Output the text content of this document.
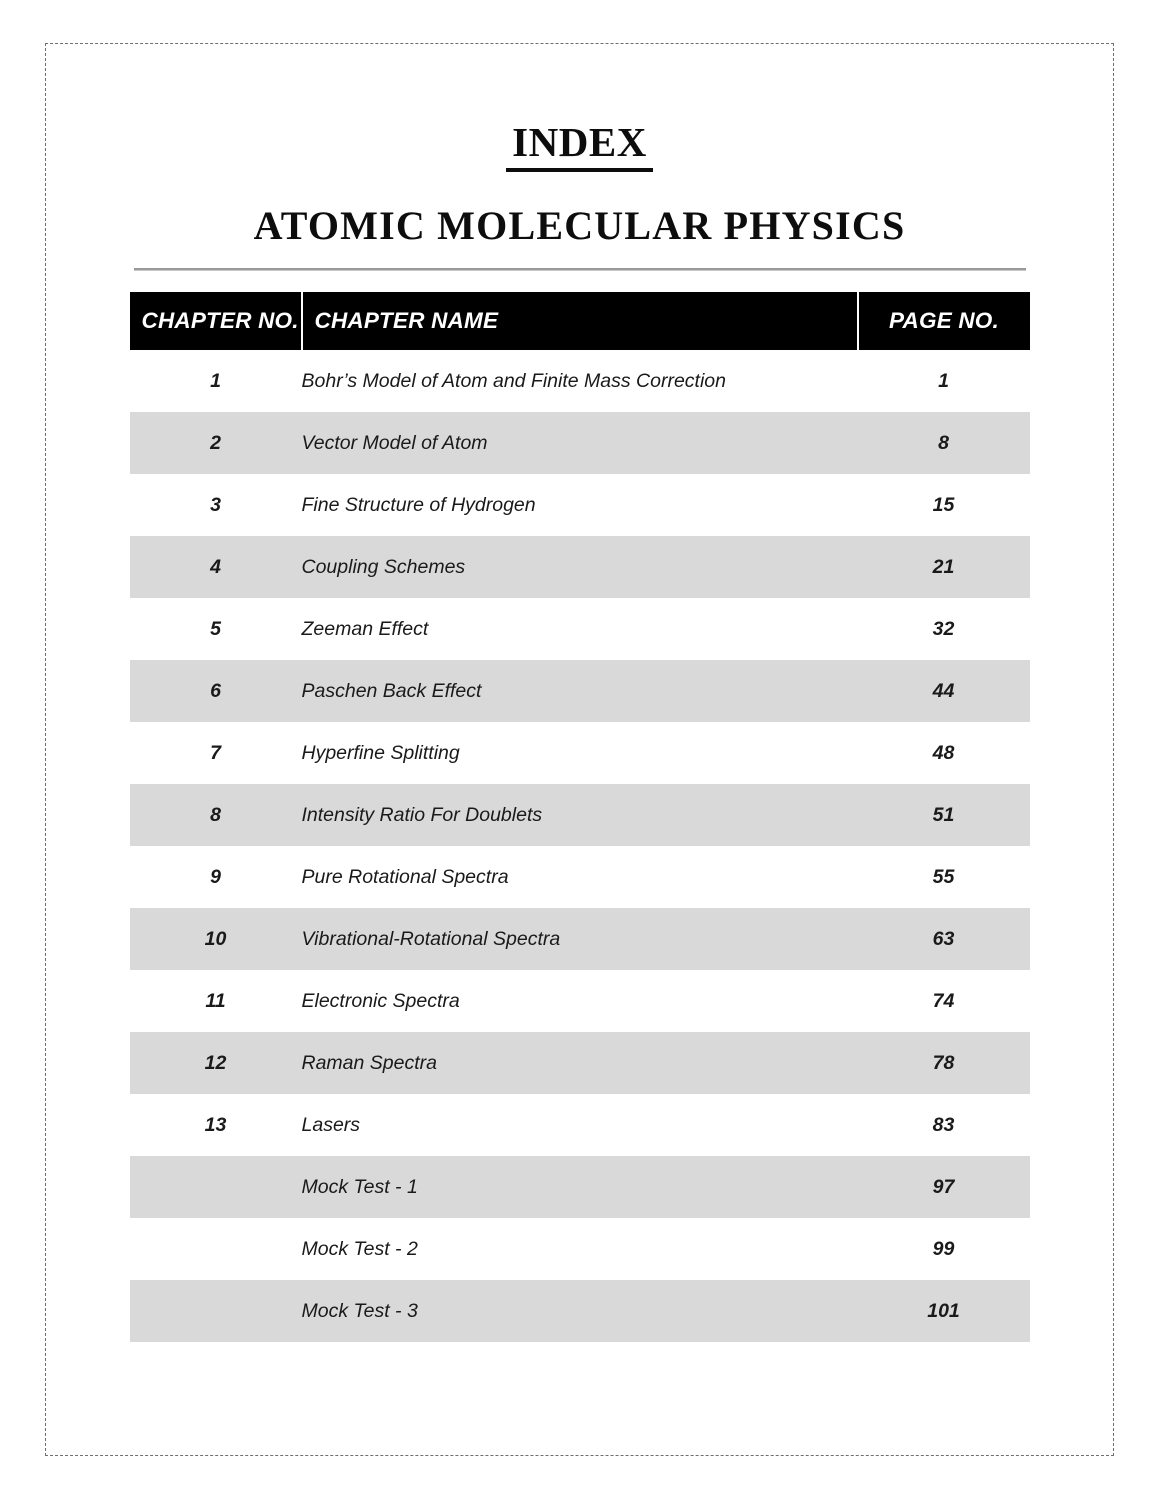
INDEX
ATOMIC MOLECULAR PHYSICS
CHAPTER NO.	CHAPTER NAME	PAGE NO.
1	Bohr’s Model of Atom and Finite Mass Correction	1
2	Vector Model of Atom	8
3	Fine Structure of Hydrogen	15
4	Coupling Schemes	21
5	Zeeman Effect	32
6	Paschen Back Effect	44
7	Hyperfine Splitting	48
8	Intensity Ratio For Doublets	51
9	Pure Rotational Spectra	55
10	Vibrational-Rotational Spectra	63
11	Electronic Spectra	74
12	Raman Spectra	78
13	Lasers	83
	Mock Test - 1	97
	Mock Test - 2	99
	Mock Test - 3	101
